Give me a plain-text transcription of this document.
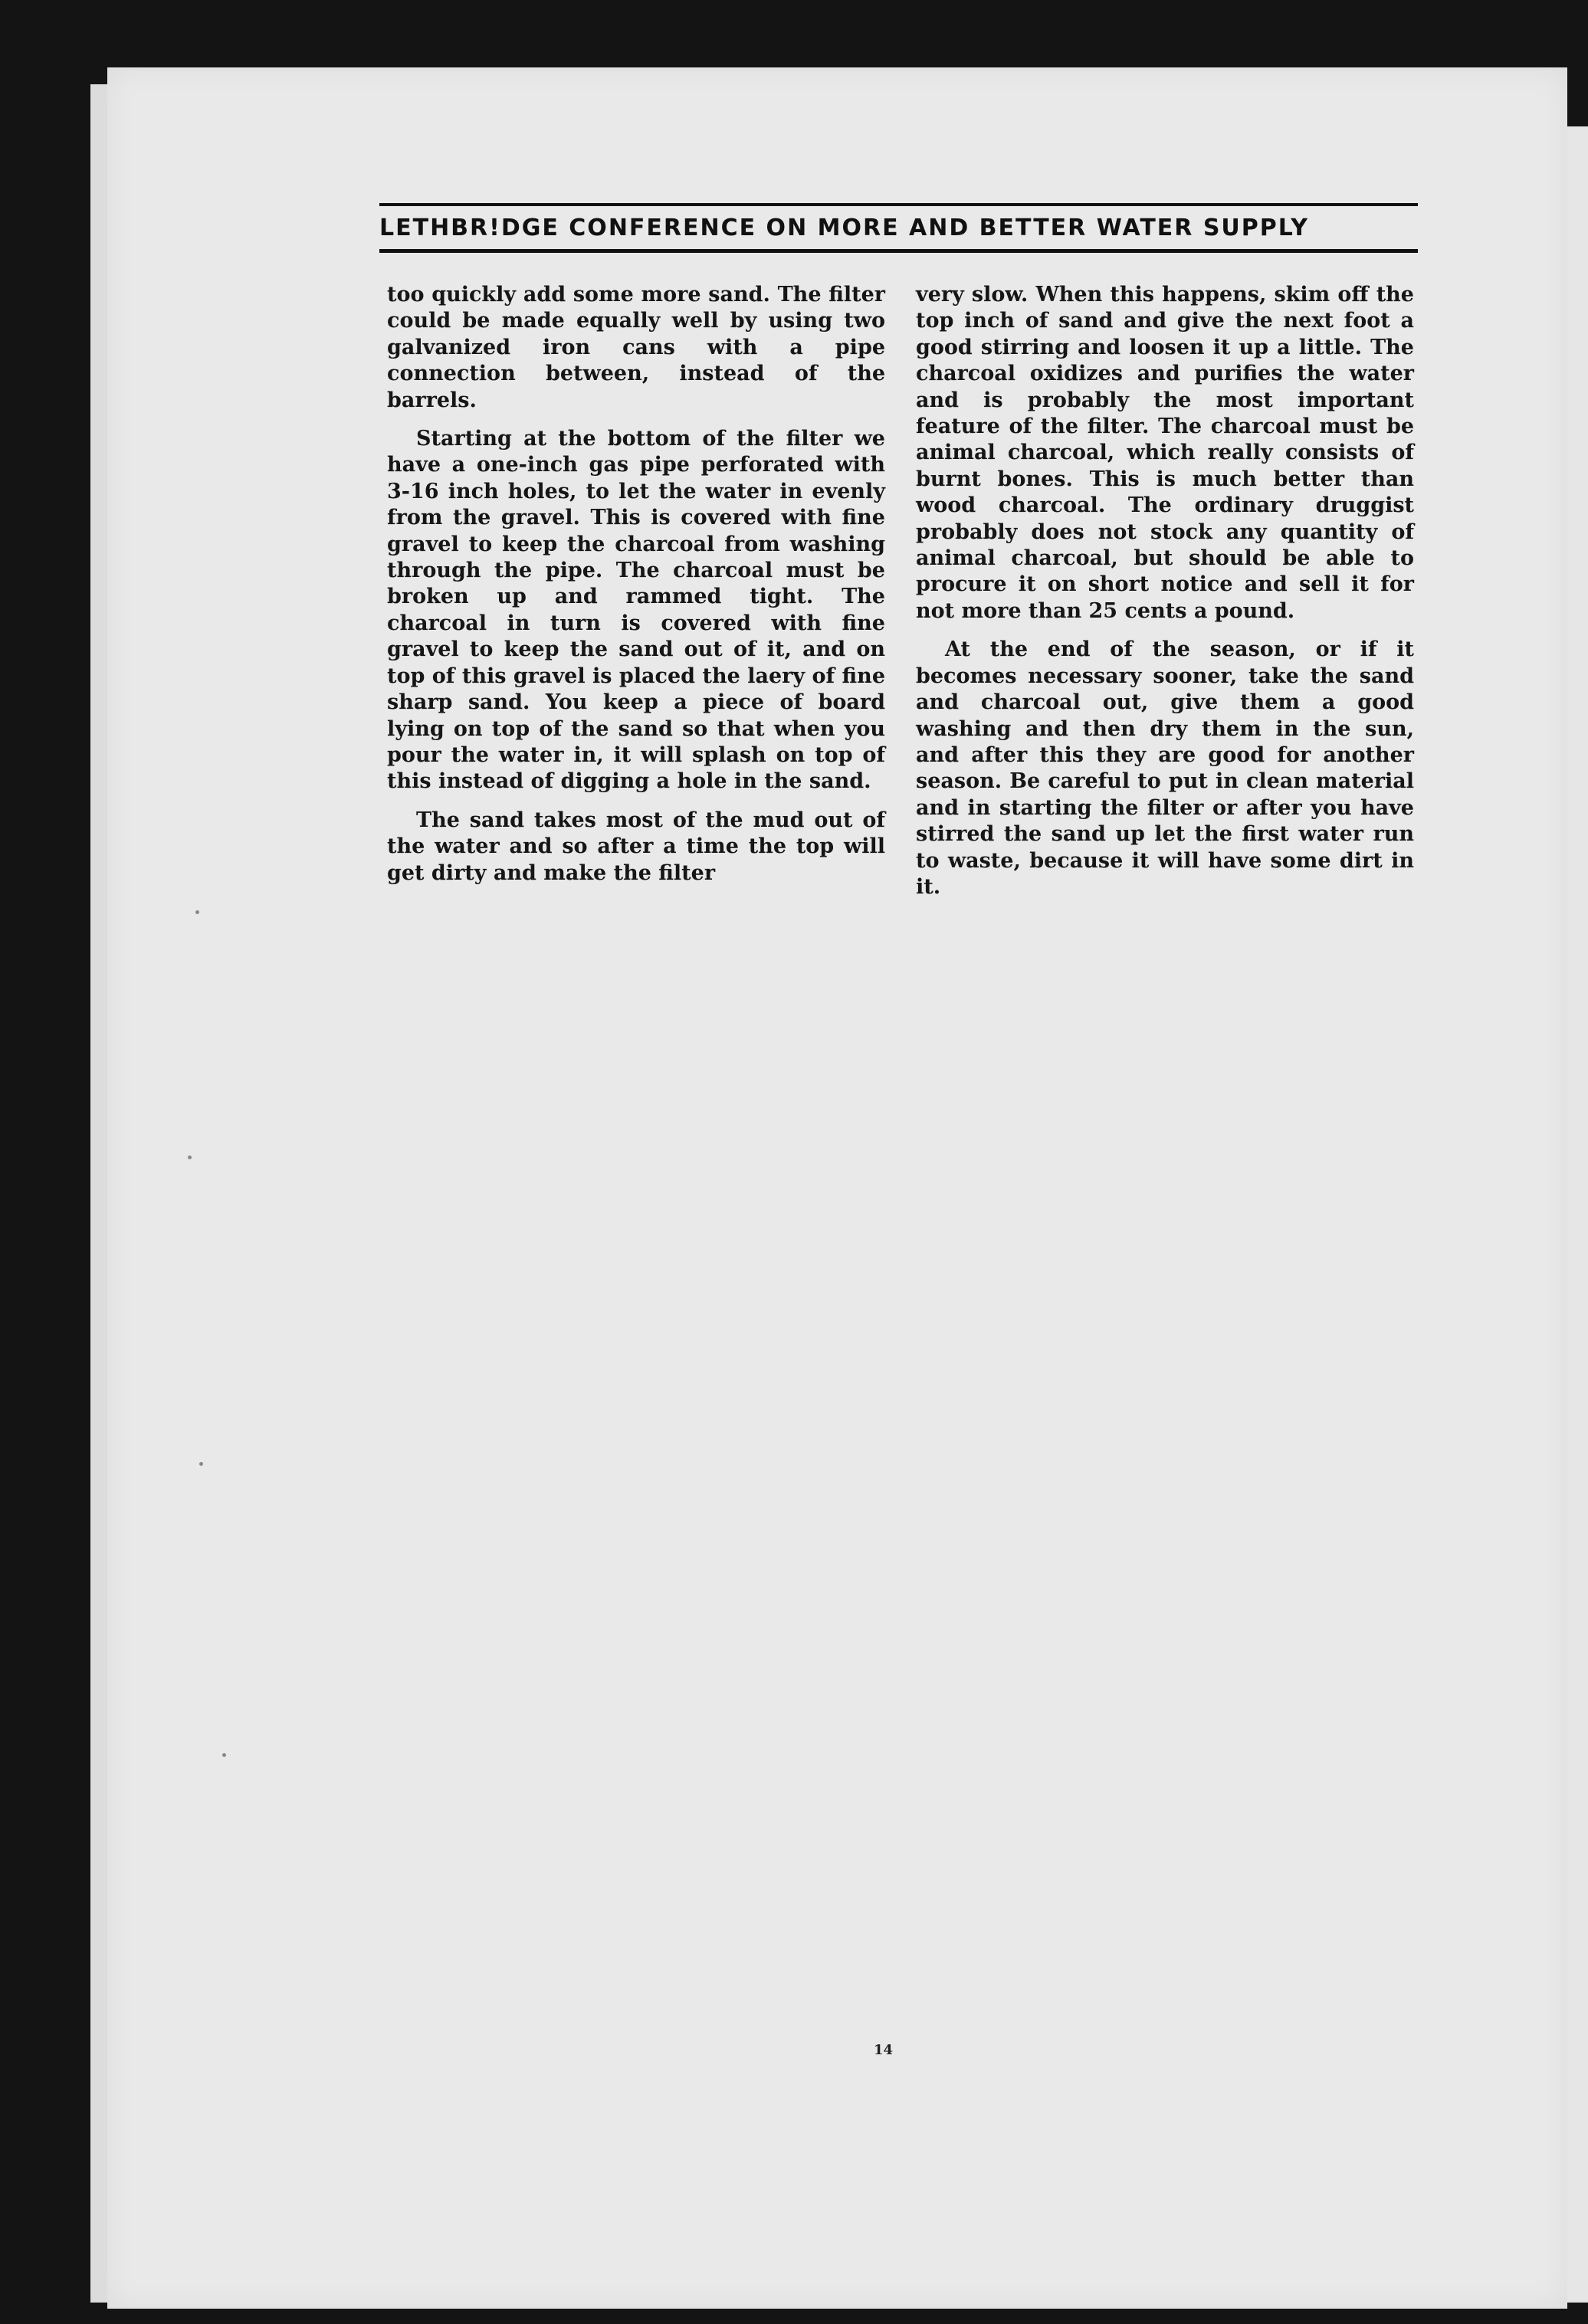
LETHBR!DGE CONFERENCE ON MORE AND BETTER WATER SUPPLY

too quickly add some more sand. The filter could be made equally well by using two galvanized iron cans with a pipe connection between, instead of the barrels.

Starting at the bottom of the filter we have a one-inch gas pipe perforated with 3-16 inch holes, to let the water in evenly from the gravel. This is covered with fine gravel to keep the charcoal from washing through the pipe. The charcoal must be broken up and rammed tight. The charcoal in turn is covered with fine gravel to keep the sand out of it, and on top of this gravel is placed the laery of fine sharp sand. You keep a piece of board lying on top of the sand so that when you pour the water in, it will splash on top of this instead of digging a hole in the sand.

The sand takes most of the mud out of the water and so after a time the top will get dirty and make the filter

very slow. When this happens, skim off the top inch of sand and give the next foot a good stirring and loosen it up a little. The charcoal oxidizes and purifies the water and is probably the most important feature of the filter. The charcoal must be animal charcoal, which really consists of burnt bones. This is much better than wood charcoal. The ordinary druggist probably does not stock any quantity of animal charcoal, but should be able to procure it on short notice and sell it for not more than 25 cents a pound.

At the end of the season, or if it becomes necessary sooner, take the sand and charcoal out, give them a good washing and then dry them in the sun, and after this they are good for another season. Be careful to put in clean material and in starting the filter or after you have stirred the sand up let the first water run to waste, because it will have some dirt in it.

14
